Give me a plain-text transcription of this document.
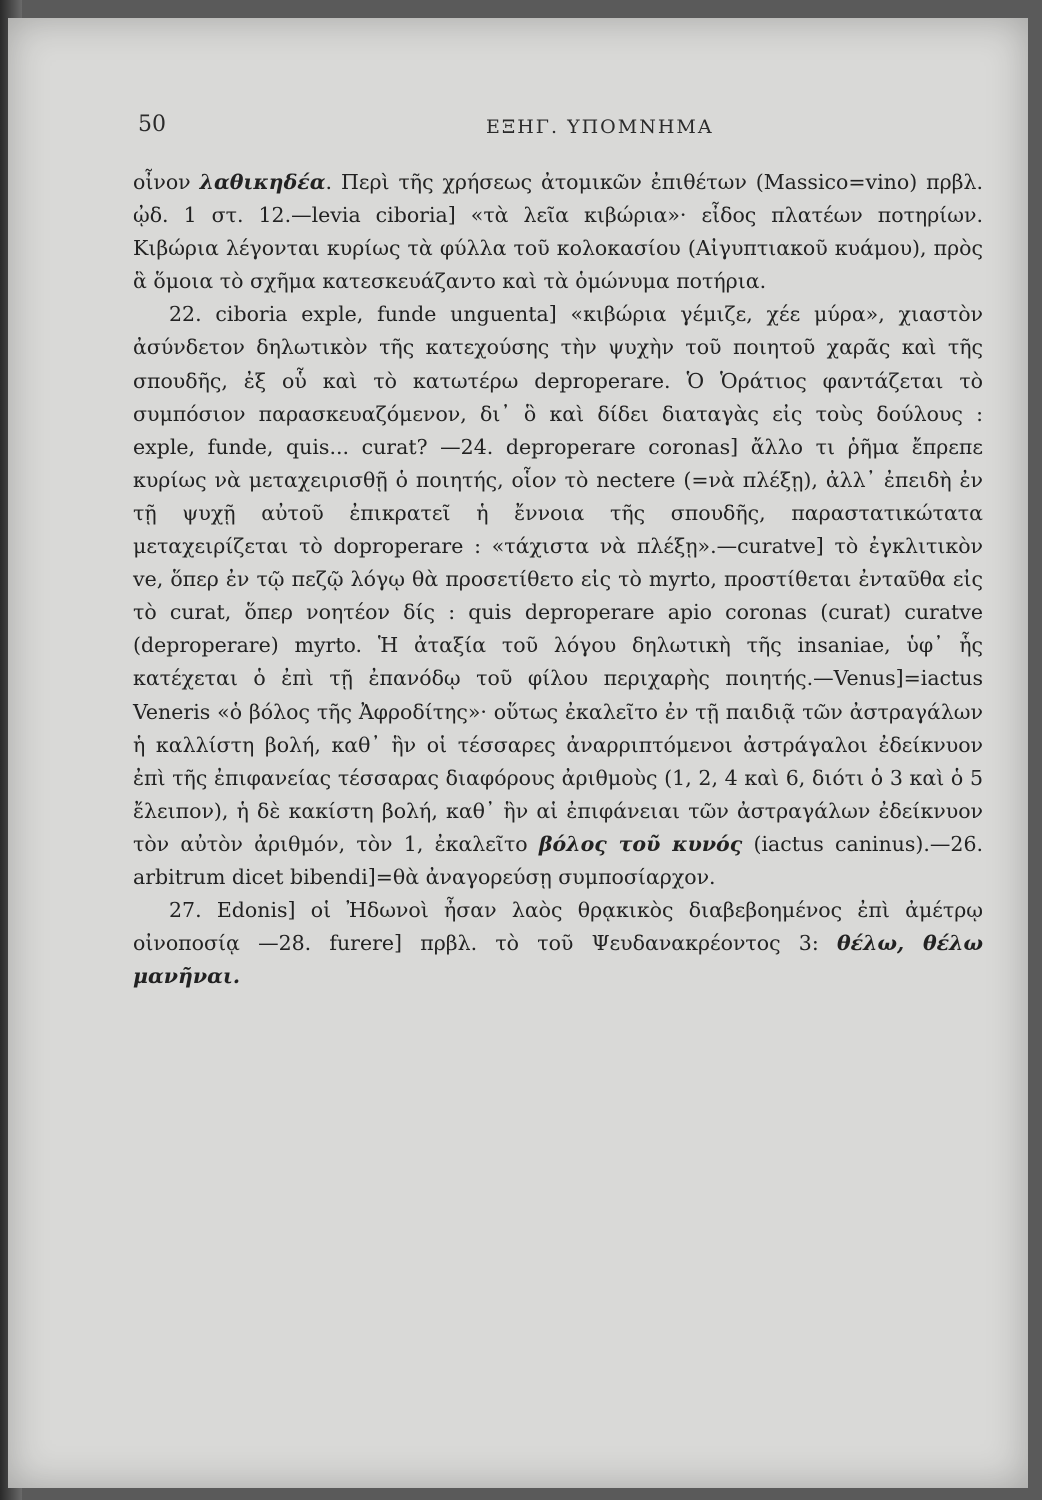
50	ΕΞΗΓ. ΥΠΟΜΝΗΜΑ

οἶνον λαθικηδέα. Περὶ τῆς χρήσεως ἀτομικῶν ἐπιθέτων (Massico=vino) πρβλ. ᾠδ. 1 στ. 12.—levia ciboria] «τὰ λεῖα κιβώρια»· εἶδος πλατέων ποτηρίων. Κιβώρια λέγονται κυρίως τὰ φύλλα τοῦ κολοκασίου (Αἰγυπτιακοῦ κυάμου), πρὸς ἃ ὅμοια τὸ σχῆμα κατεσκευάζαντο καὶ τὰ ὁμώνυμα ποτήρια.

22. ciboria exple, funde unguenta] «κιβώρια γέμιζε, χέε μύρα», χιαστὸν ἀσύνδετον δηλωτικὸν τῆς κατεχούσης τὴν ψυχὴν τοῦ ποιητοῦ χαρᾶς καὶ τῆς σπουδῆς, ἐξ οὗ καὶ τὸ κατωτέρω deproperare. Ὁ Ὁράτιος φαντάζεται τὸ συμπόσιον παρασκευαζόμενον, δι᾽ ὃ καὶ δίδει διαταγὰς εἰς τοὺς δούλους : exple, funde, quis... curat? —24. deproperare coronas] ἄλλο τι ῥῆμα ἔπρεπε κυρίως νὰ μεταχειρισθῇ ὁ ποιητής, οἷον τὸ nectere (=νὰ πλέξῃ), ἀλλ᾽ ἐπειδὴ ἐν τῇ ψυχῇ αὐτοῦ ἐπικρατεῖ ἡ ἔννοια τῆς σπουδῆς, παραστατικώτατα μεταχειρίζεται τὸ doproperare : «τάχιστα νὰ πλέξῃ».—curatve] τὸ ἐγκλιτικὸν ve, ὅπερ ἐν τῷ πεζῷ λόγῳ θὰ προσετίθετο εἰς τὸ myrto, προστίθεται ἐνταῦθα εἰς τὸ curat, ὅπερ νοητέον δίς : quis deproperare apio coronas (curat) curatve (deproperare) myrto. Ἡ ἀταξία τοῦ λόγου δηλωτικὴ τῆς insaniae, ὑφ᾽ ἧς κατέχεται ὁ ἐπὶ τῇ ἐπανόδῳ τοῦ φίλου περιχαρὴς ποιητής.—Venus]=iactus Veneris «ὁ βόλος τῆς Ἀφροδίτης»· οὕτως ἐκαλεῖτο ἐν τῇ παιδιᾷ τῶν ἀστραγάλων ἡ καλλίστη βολή, καθ᾽ ἣν οἱ τέσσαρες ἀναρριπτόμενοι ἀστράγαλοι ἐδείκνυον ἐπὶ τῆς ἐπιφανείας τέσσαρας διαφόρους ἀριθμοὺς (1, 2, 4 καὶ 6, διότι ὁ 3 καὶ ὁ 5 ἔλειπον), ἡ δὲ κακίστη βολή, καθ᾽ ἣν αἱ ἐπιφάνειαι τῶν ἀστραγάλων ἐδείκνυον τὸν αὐτὸν ἀριθμόν, τὸν 1, ἐκαλεῖτο βόλος τοῦ κυνός (iactus caninus).—26. arbitrum dicet bibendi]=θὰ ἀναγορεύσῃ συμποσίαρχον.

27. Edonis] οἱ Ἠδωνοὶ ἦσαν λαὸς θρᾳκικὸς διαβεβοημένος ἐπὶ ἀμέτρῳ οἰνοποσίᾳ —28. furere] πρβλ. τὸ τοῦ Ψευδανακρέοντος 3: θέλω, θέλω μανῆναι.
